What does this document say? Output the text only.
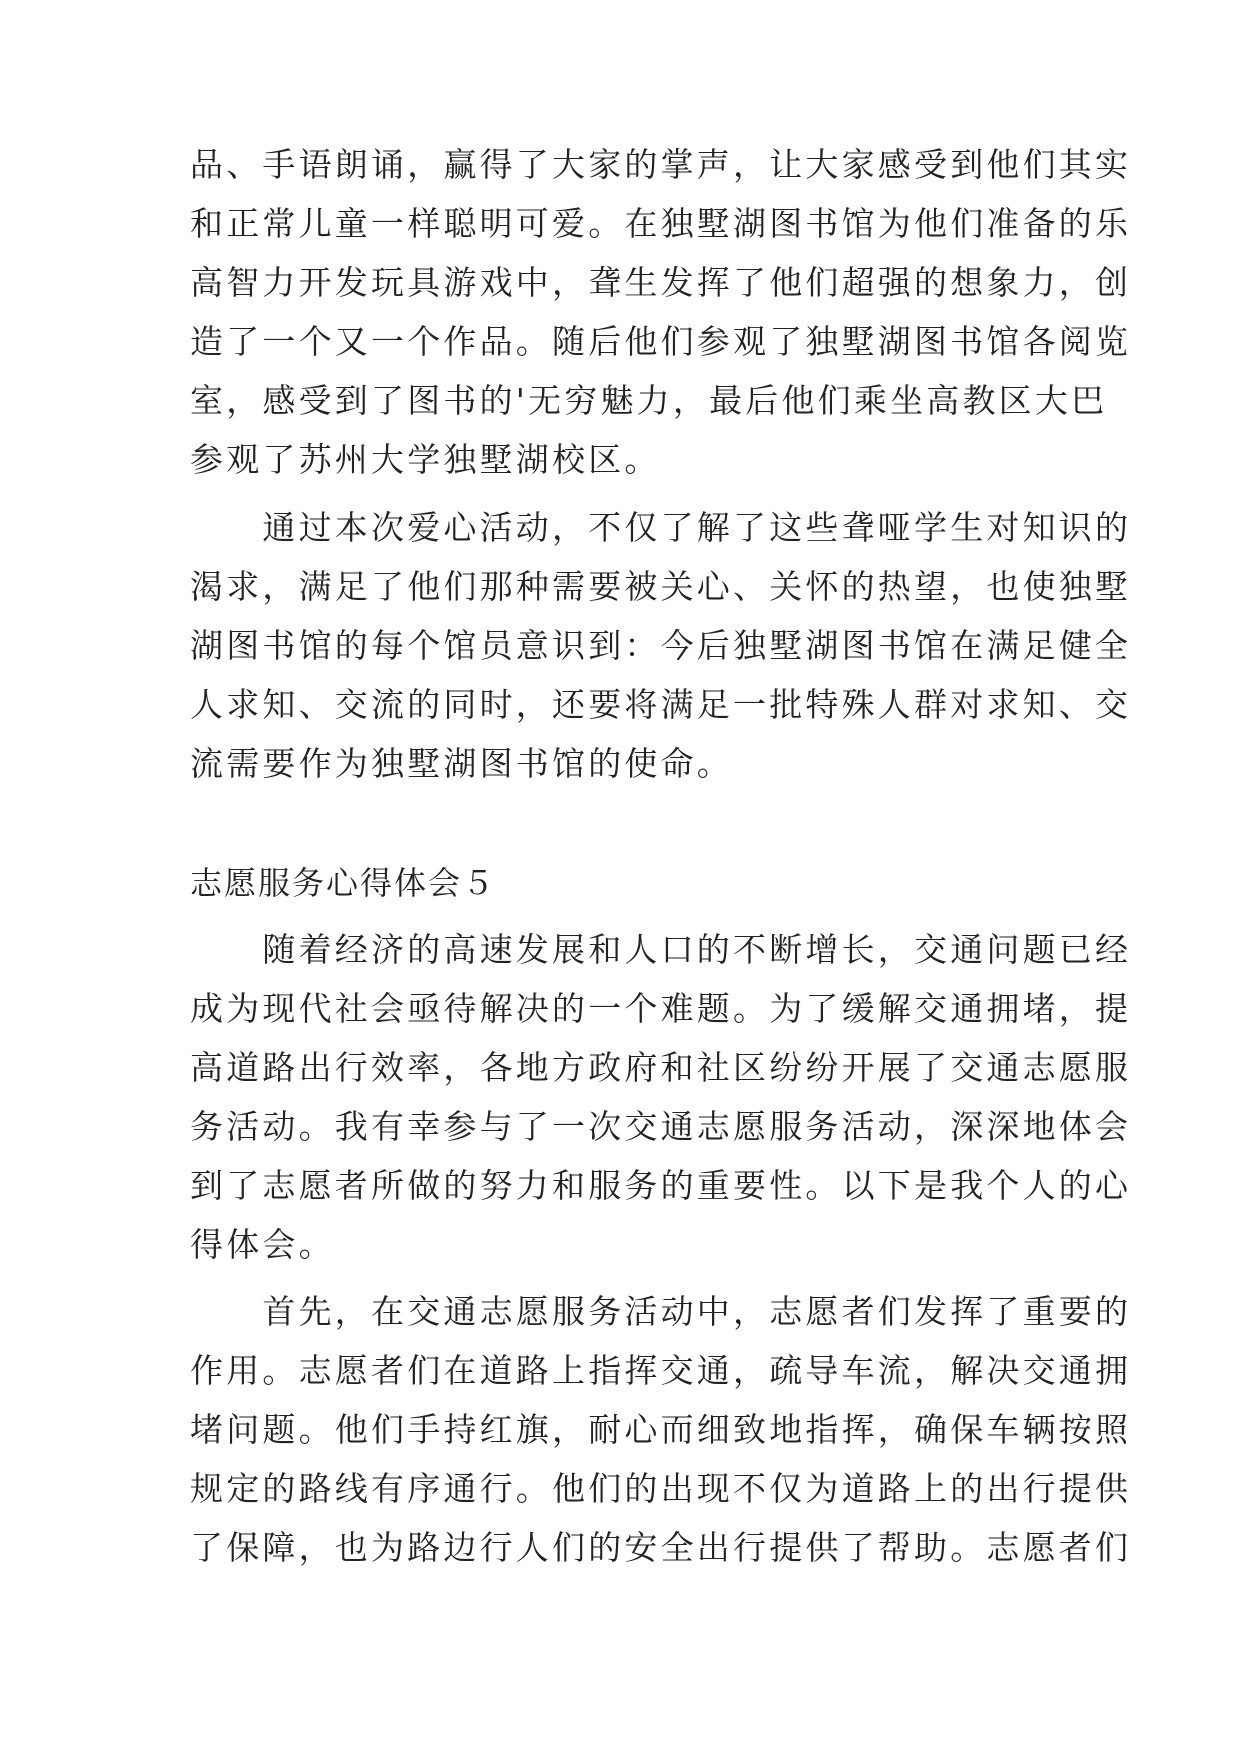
品、手语朗诵，赢得了大家的掌声，让大家感受到他们其实
和正常儿童一样聪明可爱。在独墅湖图书馆为他们准备的乐
高智力开发玩具游戏中，聋生发挥了他们超强的想象力，创
造了一个又一个作品。随后他们参观了独墅湖图书馆各阅览
室，感受到了图书的'无穷魅力，最后他们乘坐高教区大巴
参观了苏州大学独墅湖校区。
　　通过本次爱心活动，不仅了解了这些聋哑学生对知识的
渴求，满足了他们那种需要被关心、关怀的热望，也使独墅
湖图书馆的每个馆员意识到：今后独墅湖图书馆在满足健全
人求知、交流的同时，还要将满足一批特殊人群对求知、交
流需要作为独墅湖图书馆的使命。
志愿服务心得体会５
　　随着经济的高速发展和人口的不断增长，交通问题已经
成为现代社会亟待解决的一个难题。为了缓解交通拥堵，提
高道路出行效率，各地方政府和社区纷纷开展了交通志愿服
务活动。我有幸参与了一次交通志愿服务活动，深深地体会
到了志愿者所做的努力和服务的重要性。以下是我个人的心
得体会。
　　首先，在交通志愿服务活动中，志愿者们发挥了重要的
作用。志愿者们在道路上指挥交通，疏导车流，解决交通拥
堵问题。他们手持红旗，耐心而细致地指挥，确保车辆按照
规定的路线有序通行。他们的出现不仅为道路上的出行提供
了保障，也为路边行人们的安全出行提供了帮助。志愿者们
